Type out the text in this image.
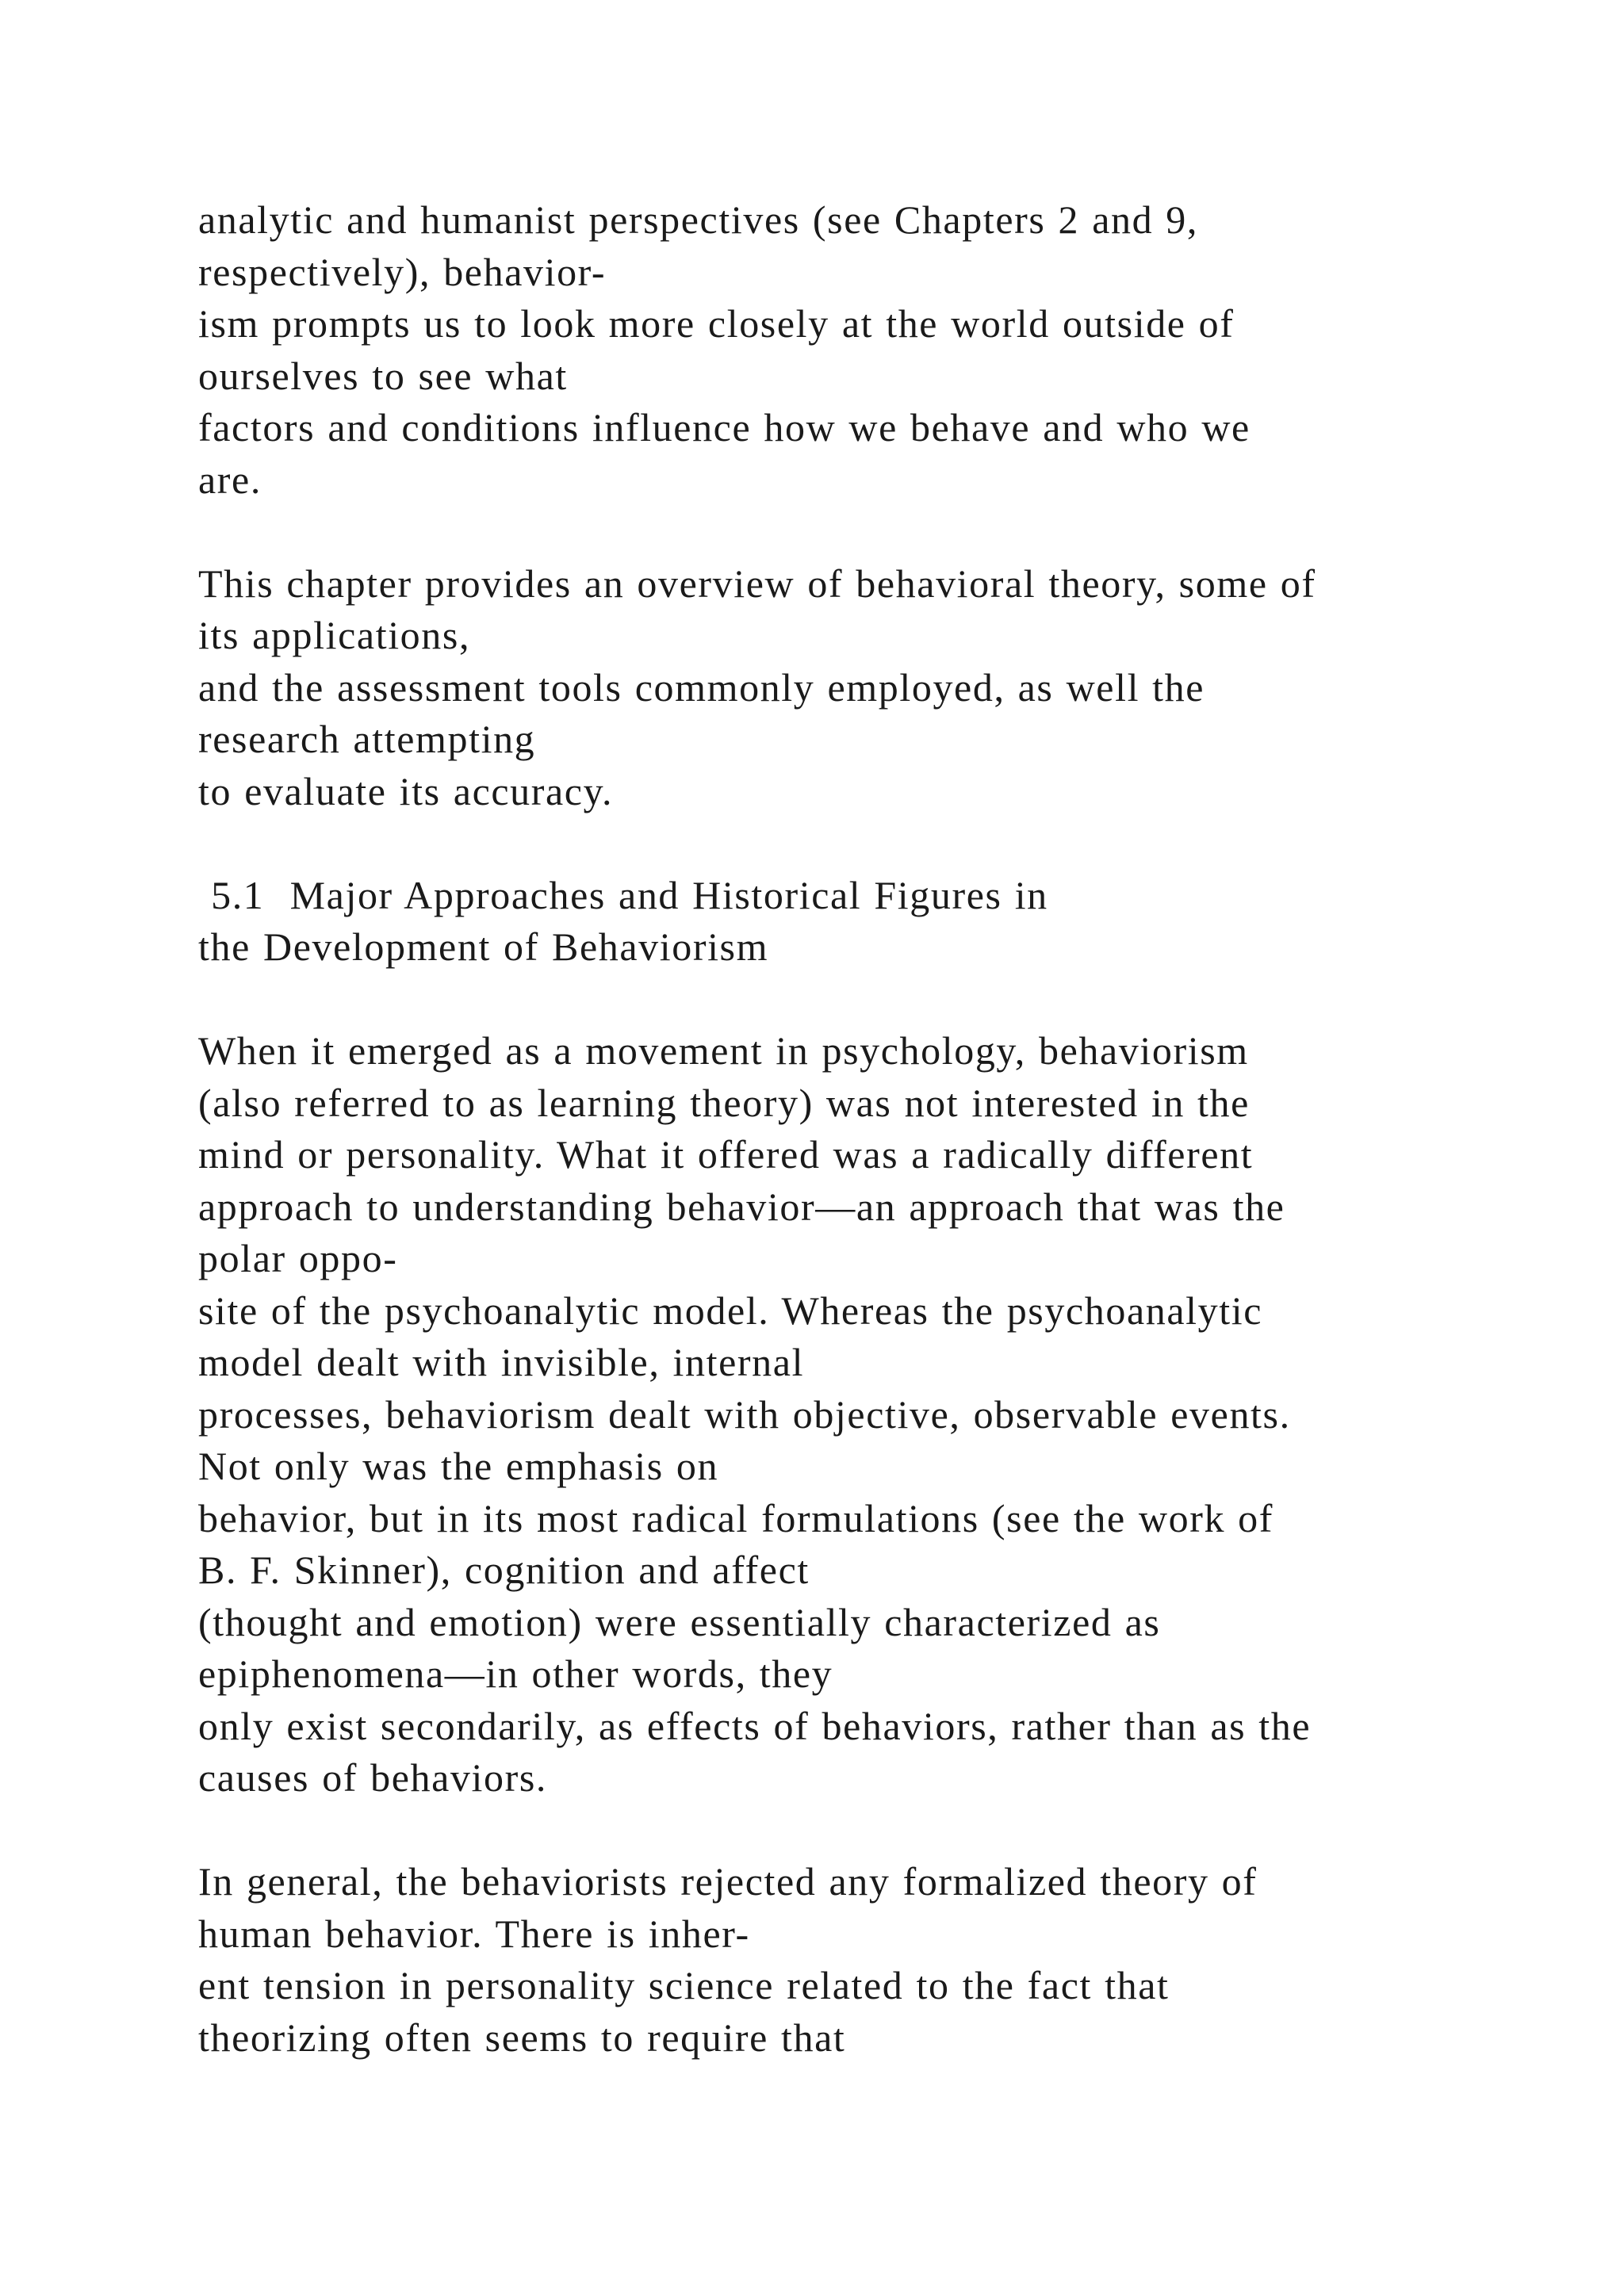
analytic and humanist perspectives (see Chapters 2 and 9,
respectively), behavior-
ism prompts us to look more closely at the world outside of
ourselves to see what
factors and conditions influence how we behave and who we
are.
This chapter provides an overview of behavioral theory, some of
its applications,
and the assessment tools commonly employed, as well the
research attempting
to evaluate its accuracy.
5.1  Major Approaches and Historical Figures in
the Development of Behaviorism
When it emerged as a movement in psychology, behaviorism
(also referred to as learning theory) was not interested in the
mind or personality. What it offered was a radically different
approach to understanding behavior—an approach that was the
polar oppo-
site of the psychoanalytic model. Whereas the psychoanalytic
model dealt with invisible, internal
processes, behaviorism dealt with objective, observable events.
Not only was the emphasis on
behavior, but in its most radical formulations (see the work of
B. F. Skinner), cognition and affect
(thought and emotion) were essentially characterized as
epiphenomena—in other words, they
only exist secondarily, as effects of behaviors, rather than as the
causes of behaviors.
In general, the behaviorists rejected any formalized theory of
human behavior. There is inher-
ent tension in personality science related to the fact that
theorizing often seems to require that
